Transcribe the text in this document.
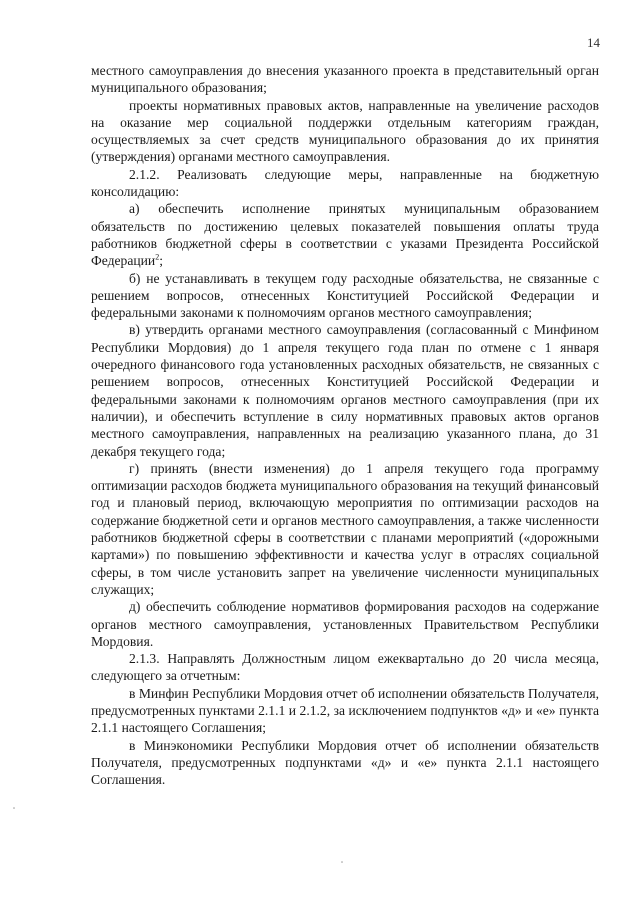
14

местного самоуправления до внесения указанного проекта в представительный орган муниципального образования;

проекты нормативных правовых актов, направленные на увеличение расходов на оказание мер социальной поддержки отдельным категориям граждан, осуществляемых за счет средств муниципального образования до их принятия (утверждения) органами местного самоуправления.

2.1.2. Реализовать следующие меры, направленные на бюджетную консолидацию:

а) обеспечить исполнение принятых муниципальным образованием обязательств по достижению целевых показателей повышения оплаты труда работников бюджетной сферы в соответствии с указами Президента Российской Федерации$^2$;

б) не устанавливать в текущем году расходные обязательства, не связанные с решением вопросов, отнесенных Конституцией Российской Федерации и федеральными законами к полномочиям органов местного самоуправления;

в) утвердить органами местного самоуправления (согласованный с Минфином Республики Мордовия) до 1 апреля текущего года план по отмене с 1 января очередного финансового года установленных расходных обязательств, не связанных с решением вопросов, отнесенных Конституцией Российской Федерации и федеральными законами к полномочиям органов местного самоуправления (при их наличии), и обеспечить вступление в силу нормативных правовых актов органов местного самоуправления, направленных на реализацию указанного плана, до 31 декабря текущего года;

г) принять (внести изменения) до 1 апреля текущего года программу оптимизации расходов бюджета муниципального образования на текущий финансовый год и плановый период, включающую мероприятия по оптимизации расходов на содержание бюджетной сети и органов местного самоуправления, а также численности работников бюджетной сферы в соответствии с планами мероприятий («дорожными картами») по повышению эффективности и качества услуг в отраслях социальной сферы, в том числе установить запрет на увеличение численности муниципальных служащих;

д) обеспечить соблюдение нормативов формирования расходов на содержание органов местного самоуправления, установленных Правительством Республики Мордовия.

2.1.3. Направлять Должностным лицом ежеквартально до 20 числа месяца, следующего за отчетным:

в Минфин Республики Мордовия отчет об исполнении обязательств Получателя, предусмотренных пунктами 2.1.1 и 2.1.2, за исключением подпунктов «д» и «е» пункта 2.1.1 настоящего Соглашения;

в Минэкономики Республики Мордовия отчет об исполнении обязательств Получателя, предусмотренных подпунктами «д» и «е» пункта 2.1.1 настоящего Соглашения.
